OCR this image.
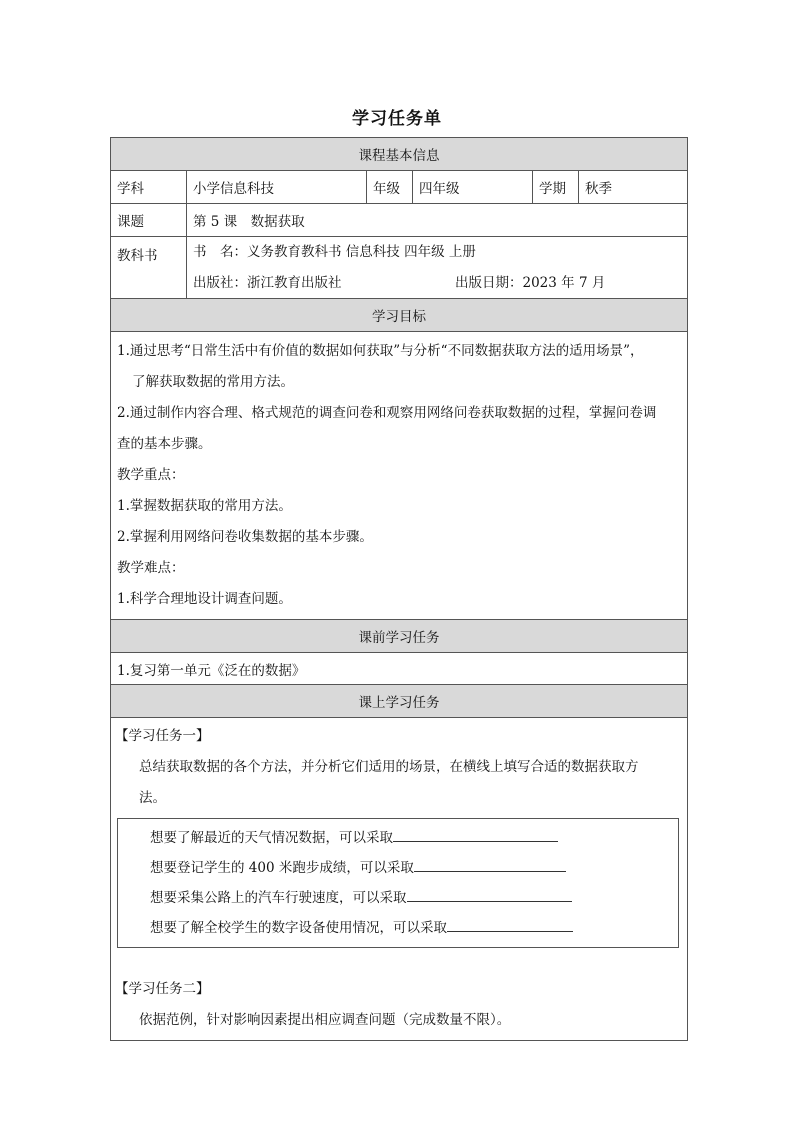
学习任务单
课程基本信息
学科	小学信息科技	年级	四年级	学期	秋季
课题	第 5 课　数据获取
教科书	书　名：义务教育教科书 信息科技 四年级 上册
出版社：浙江教育出版社	出版日期：2023 年 7 月
学习目标

1.通过思考“日常生活中有价值的数据如何获取”与分析“不同数据获取方法的适用场景”，

了解获取数据的常用方法。

2.通过制作内容合理、格式规范的调查问卷和观察用网络问卷获取数据的过程，掌握问卷调

查的基本步骤。

教学重点：

1.掌握数据获取的常用方法。

2.掌握利用网络问卷收集数据的基本步骤。

教学难点：

1.科学合理地设计调查问题。

课前学习任务
1.复习第一单元《泛在的数据》
课上学习任务
【学习任务一】
总结获取数据的各个方法，并分析它们适用的场景，在横线上填写合适的数据获取方
法。
想要了解最近的天气情况数据，可以采取
想要登记学生的 400 米跑步成绩，可以采取
想要采集公路上的汽车行驶速度，可以采取
想要了解全校学生的数字设备使用情况，可以采取
【学习任务二】
依据范例，针对影响因素提出相应调查问题（完成数量不限）。
